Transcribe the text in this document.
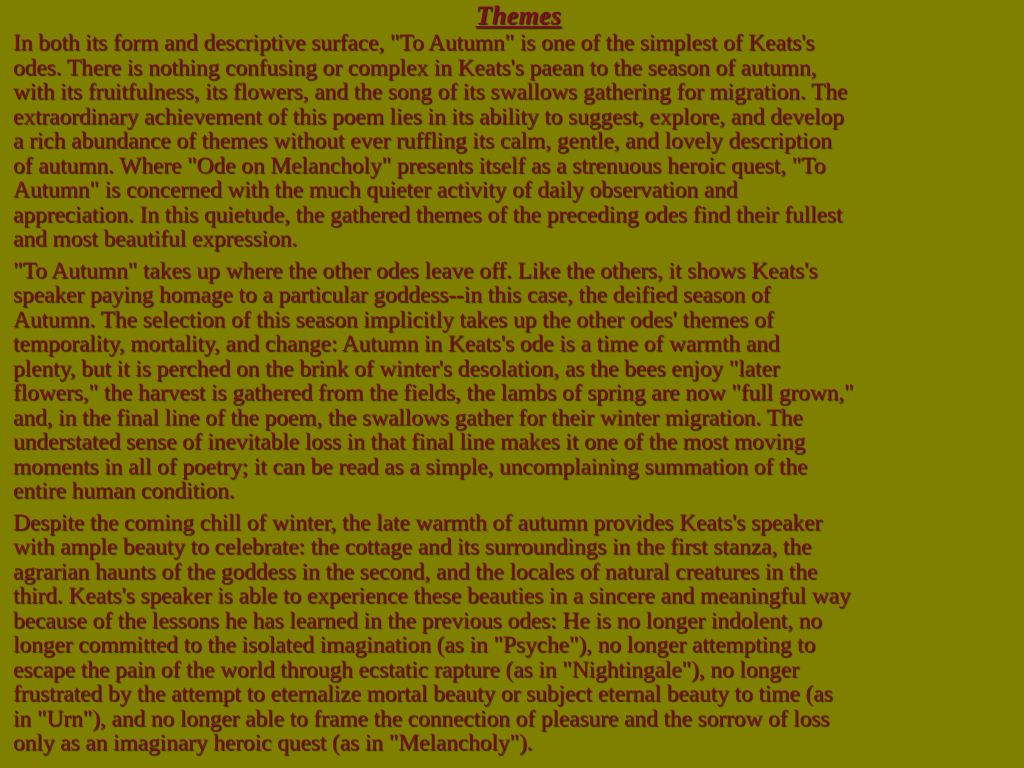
Themes

In both its form and descriptive surface, "To Autumn" is one of the simplest of Keats's
odes. There is nothing confusing or complex in Keats's paean to the season of autumn,
with its fruitfulness, its flowers, and the song of its swallows gathering for migration. The
extraordinary achievement of this poem lies in its ability to suggest, explore, and develop
a rich abundance of themes without ever ruffling its calm, gentle, and lovely description
of autumn. Where "Ode on Melancholy" presents itself as a strenuous heroic quest, "To
Autumn" is concerned with the much quieter activity of daily observation and
appreciation. In this quietude, the gathered themes of the preceding odes find their fullest
and most beautiful expression.

"To Autumn" takes up where the other odes leave off. Like the others, it shows Keats's
speaker paying homage to a particular goddess--in this case, the deified season of
Autumn. The selection of this season implicitly takes up the other odes' themes of
temporality, mortality, and change: Autumn in Keats's ode is a time of warmth and
plenty, but it is perched on the brink of winter's desolation, as the bees enjoy "later
flowers," the harvest is gathered from the fields, the lambs of spring are now "full grown,"
and, in the final line of the poem, the swallows gather for their winter migration. The
understated sense of inevitable loss in that final line makes it one of the most moving
moments in all of poetry; it can be read as a simple, uncomplaining summation of the
entire human condition.

Despite the coming chill of winter, the late warmth of autumn provides Keats's speaker
with ample beauty to celebrate: the cottage and its surroundings in the first stanza, the
agrarian haunts of the goddess in the second, and the locales of natural creatures in the
third. Keats's speaker is able to experience these beauties in a sincere and meaningful way
because of the lessons he has learned in the previous odes: He is no longer indolent, no
longer committed to the isolated imagination (as in "Psyche"), no longer attempting to
escape the pain of the world through ecstatic rapture (as in "Nightingale"), no longer
frustrated by the attempt to eternalize mortal beauty or subject eternal beauty to time (as
in "Urn"), and no longer able to frame the connection of pleasure and the sorrow of loss
only as an imaginary heroic quest (as in "Melancholy").
